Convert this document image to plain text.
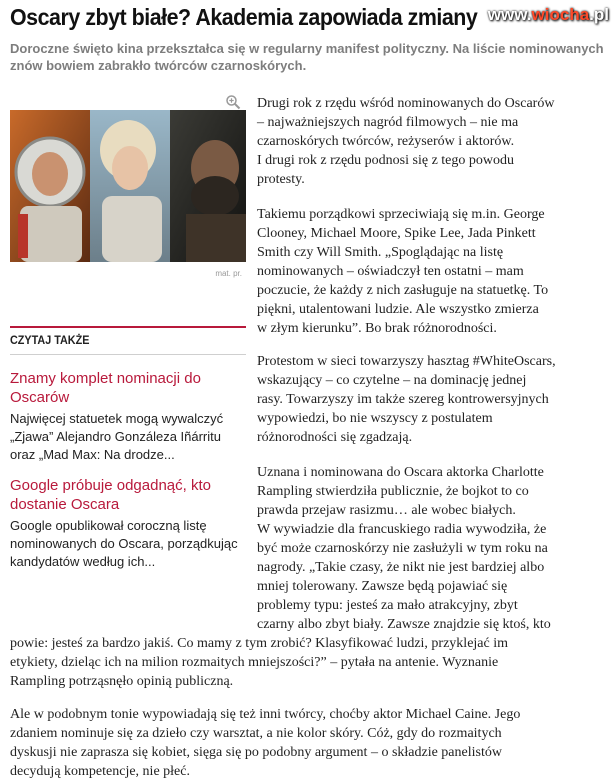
Oscary zbyt białe? Akademia zapowiada zmiany www.wiocha.pl
Doroczne święto kina przekształca się w regularny manifest polityczny. Na liście nominowanych znów bowiem zabrakło twórców czarnoskórych.
mat. pr.
CZYTAJ TAKŻE
Znamy komplet nominacji do Oscarów
Najwięcej statuetek mogą wywalczyć „Zjawa” Alejandro Gonzáleza Iñárritu oraz „Mad Max: Na drodze...
Google próbuje odgadnąć, kto dostanie Oscara
Google opublikował coroczną listę nominowanych do Oscara, porządkując kandydatów według ich...
Drugi rok z rzędu wśród nominowanych do Oscarów
– najważniejszych nagród filmowych – nie ma
czarnoskórych twórców, reżyserów i aktorów.
I drugi rok z rzędu podnosi się z tego powodu
protesty.
Takiemu porządkowi sprzeciwiają się m.in. George
Clooney, Michael Moore, Spike Lee, Jada Pinkett
Smith czy Will Smith. „Spoglądając na listę
nominowanych – oświadczył ten ostatni – mam
poczucie, że każdy z nich zasługuje na statuetkę. To
piękni, utalentowani ludzie. Ale wszystko zmierza
w złym kierunku”. Bo brak różnorodności.
Protestom w sieci towarzyszy hasztag #WhiteOscars,
wskazujący – co czytelne – na dominację jednej
rasy. Towarzyszy im także szereg kontrowersyjnych
wypowiedzi, bo nie wszyscy z postulatem
różnorodności się zgadzają.
Uznana i nominowana do Oscara aktorka Charlotte
Rampling stwierdziła publicznie, że bojkot to co
prawda przejaw rasizmu… ale wobec białych.
W wywiadzie dla francuskiego radia wywodziła, że
być może czarnoskórzy nie zasłużyli w tym roku na
nagrody. „Takie czasy, że nikt nie jest bardziej albo
mniej tolerowany. Zawsze będą pojawiać się
problemy typu: jesteś za mało atrakcyjny, zbyt
czarny albo zbyt biały. Zawsze znajdzie się ktoś, kto
powie: jesteś za bardzo jakiś. Co mamy z tym zrobić? Klasyfikować ludzi, przyklejać im
etykiety, dzieląc ich na milion rozmaitych mniejszości?” – pytała na antenie. Wyznanie
Rampling potrząsnęło opinią publiczną.
Ale w podobnym tonie wypowiadają się też inni twórcy, choćby aktor Michael Caine. Jego
zdaniem nominuje się za dzieło czy warsztat, a nie kolor skóry. Cóż, gdy do rozmaitych
dyskusji nie zaprasza się kobiet, sięga się po podobny argument – o składzie panelistów
decydują kompetencje, nie płeć.
